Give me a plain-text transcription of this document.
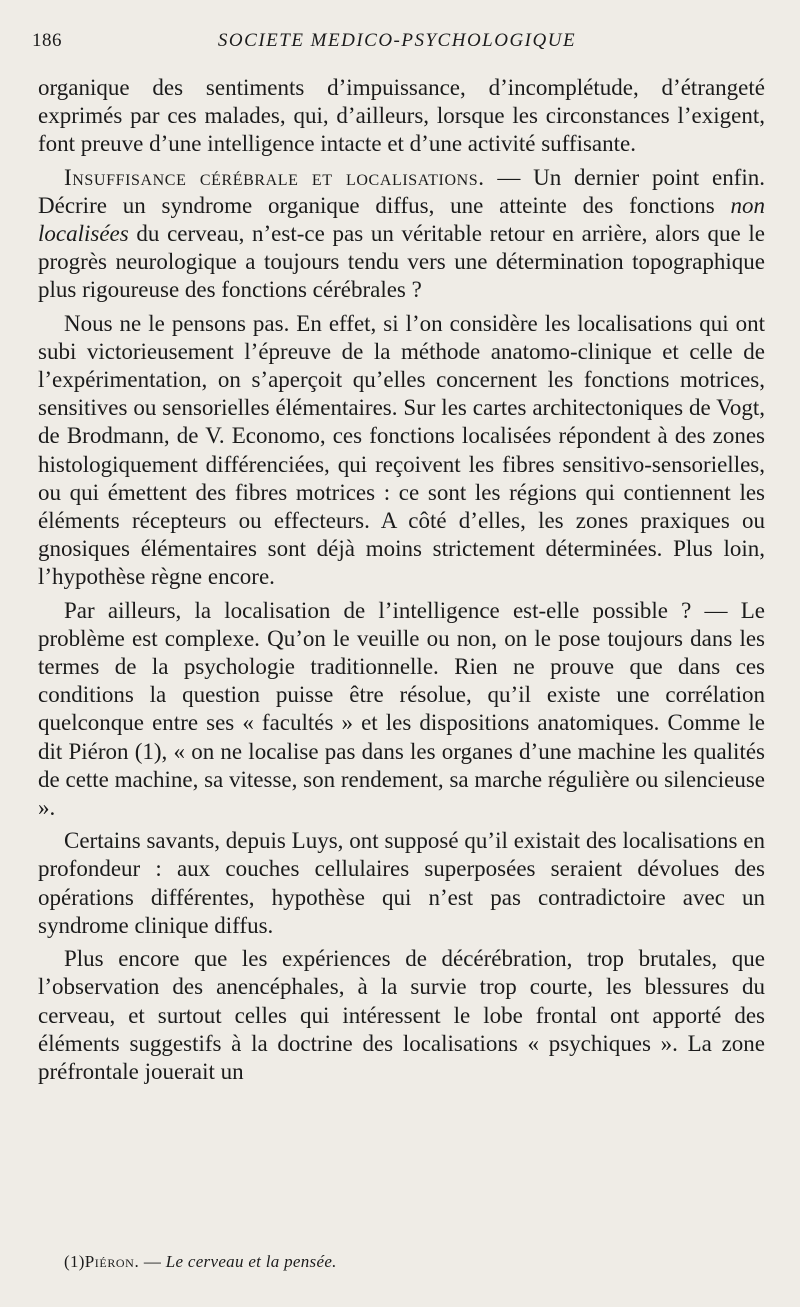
186	SOCIETE MEDICO-PSYCHOLOGIQUE

organique des sentiments d’impuissance, d’incomplétude, d’étrangeté exprimés par ces malades, qui, d’ailleurs, lorsque les circonstances l’exigent, font preuve d’une intelligence intacte et d’une activité suffisante.

Insuffisance cérébrale et localisations. — Un dernier point enfin. Décrire un syndrome organique diffus, une atteinte des fonctions non localisées du cerveau, n’est-ce pas un véritable retour en arrière, alors que le progrès neurologique a toujours tendu vers une détermination topographique plus rigoureuse des fonctions cérébrales ?

Nous ne le pensons pas. En effet, si l’on considère les localisations qui ont subi victorieusement l’épreuve de la méthode anatomo-clinique et celle de l’expérimentation, on s’aperçoit qu’elles concernent les fonctions motrices, sensitives ou sensorielles élémentaires. Sur les cartes architectoniques de Vogt, de Brodmann, de V. Economo, ces fonctions localisées répondent à des zones histologiquement différenciées, qui reçoivent les fibres sensitivo-sensorielles, ou qui émettent des fibres motrices : ce sont les régions qui contiennent les éléments récepteurs ou effecteurs. A côté d’elles, les zones praxiques ou gnosiques élémentaires sont déjà moins strictement déterminées. Plus loin, l’hypothèse règne encore.

Par ailleurs, la localisation de l’intelligence est-elle possible ? — Le problème est complexe. Qu’on le veuille ou non, on le pose toujours dans les termes de la psychologie traditionnelle. Rien ne prouve que dans ces conditions la question puisse être résolue, qu’il existe une corrélation quelconque entre ses « facultés » et les dispositions anatomiques. Comme le dit Piéron (1), « on ne localise pas dans les organes d’une machine les qualités de cette machine, sa vitesse, son rendement, sa marche régulière ou silencieuse ».

Certains savants, depuis Luys, ont supposé qu’il existait des localisations en profondeur : aux couches cellulaires superposées seraient dévolues des opérations différentes, hypothèse qui n’est pas contradictoire avec un syndrome clinique diffus.

Plus encore que les expériences de décérébration, trop brutales, que l’observation des anencéphales, à la survie trop courte, les blessures du cerveau, et surtout celles qui intéressent le lobe frontal ont apporté des éléments suggestifs à la doctrine des localisations « psychiques ». La zone préfrontale jouerait un

(1)Piéron. — Le cerveau et la pensée.
